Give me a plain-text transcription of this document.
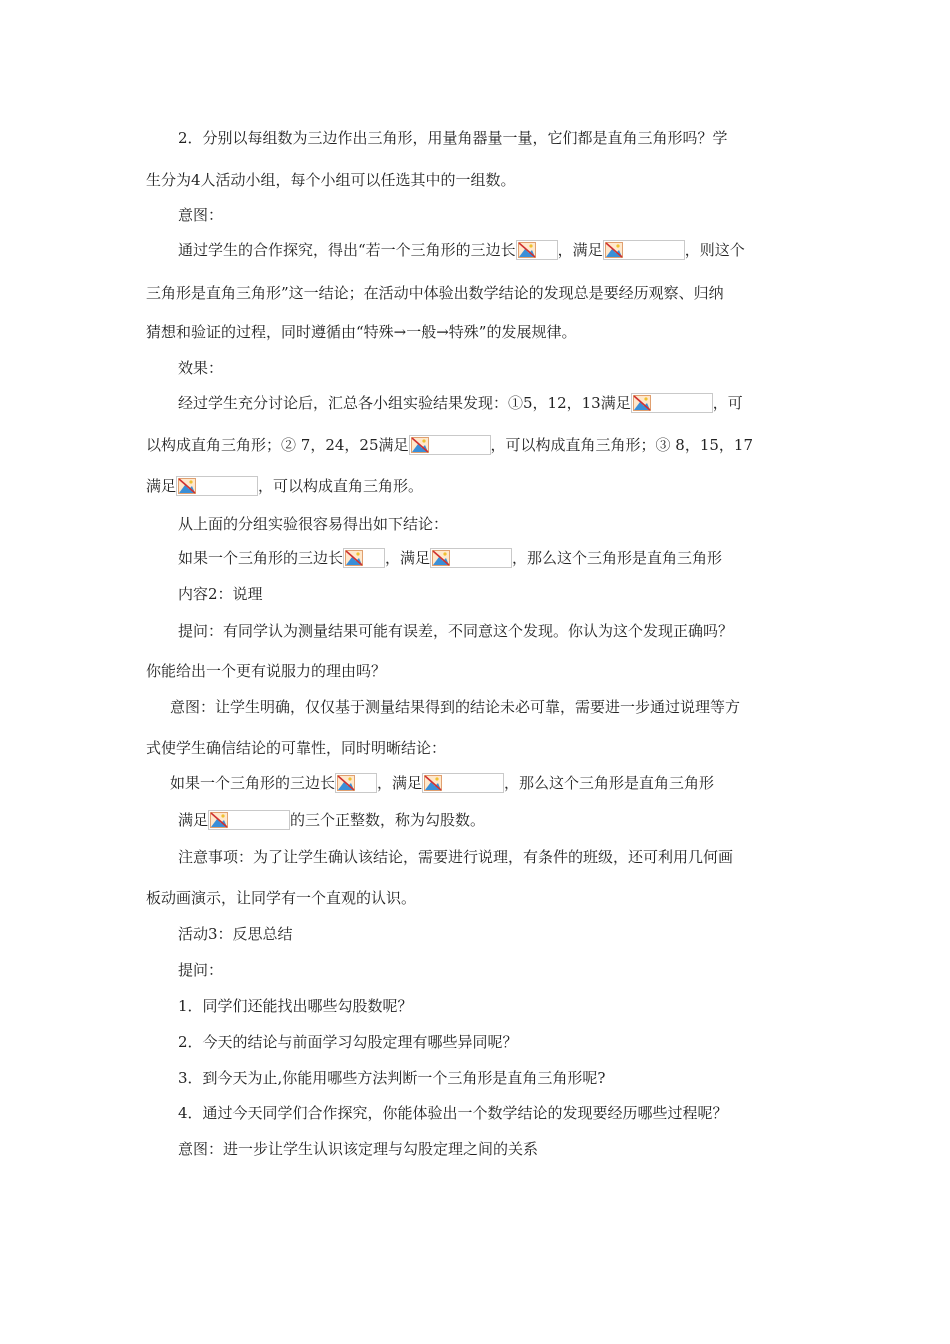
2．分别以每组数为三边作出三角形，用量角器量一量，它们都是直角三角形吗？学
生分为4人活动小组，每个小组可以任选其中的一组数。
意图：
通过学生的合作探究，得出“若一个三角形的三边长	，满足	，则这个
三角形是直角三角形”这一结论；在活动中体验出数学结论的发现总是要经历观察、归纳
猜想和验证的过程，同时遵循由“特殊→一般→特殊”的发展规律。
效果：
经过学生充分讨论后，汇总各小组实验结果发现：①5，12，13满足	，可
以构成直角三角形；② 7，24，25满足	，可以构成直角三角形；③ 8，15，17
满足	，可以构成直角三角形。
从上面的分组实验很容易得出如下结论：
如果一个三角形的三边长	，满足	，那么这个三角形是直角三角形
内容2：说理
提问：有同学认为测量结果可能有误差，不同意这个发现。你认为这个发现正确吗？
你能给出一个更有说服力的理由吗？
意图：让学生明确，仅仅基于测量结果得到的结论未必可靠，需要进一步通过说理等方
式使学生确信结论的可靠性，同时明晰结论：
如果一个三角形的三边长	，满足	，那么这个三角形是直角三角形
满足	的三个正整数，称为勾股数。
注意事项：为了让学生确认该结论，需要进行说理，有条件的班级，还可利用几何画
板动画演示，让同学有一个直观的认识。
活动3：反思总结
提问：
1．同学们还能找出哪些勾股数呢？
2．今天的结论与前面学习勾股定理有哪些异同呢？
3．到今天为止,你能用哪些方法判断一个三角形是直角三角形呢?
4．通过今天同学们合作探究，你能体验出一个数学结论的发现要经历哪些过程呢？
意图：进一步让学生认识该定理与勾股定理之间的关系
